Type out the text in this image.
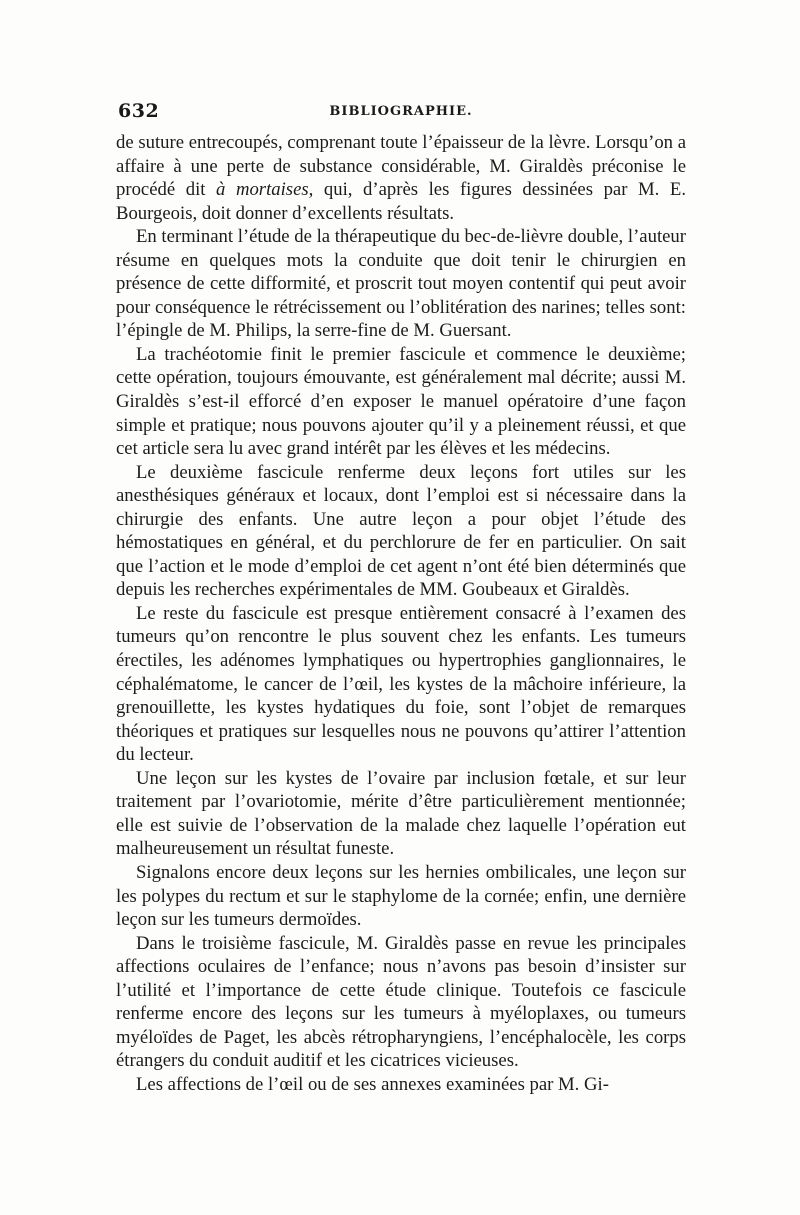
632	BIBLIOGRAPHIE.

de suture entrecoupés, comprenant toute l’épaisseur de la lèvre. Lorsqu’on a affaire à une perte de substance considérable, M. Giraldès préconise le procédé dit à mortaises, qui, d’après les figures dessinées par M. E. Bourgeois, doit donner d’excellents résultats.

En terminant l’étude de la thérapeutique du bec-de-lièvre double, l’auteur résume en quelques mots la conduite que doit tenir le chirurgien en présence de cette difformité, et proscrit tout moyen contentif qui peut avoir pour conséquence le rétrécissement ou l’oblitération des narines; telles sont: l’épingle de M. Philips, la serre-fine de M. Guersant.

La trachéotomie finit le premier fascicule et commence le deuxième; cette opération, toujours émouvante, est généralement mal décrite; aussi M. Giraldès s’est-il efforcé d’en exposer le manuel opératoire d’une façon simple et pratique; nous pouvons ajouter qu’il y a pleinement réussi, et que cet article sera lu avec grand intérêt par les élèves et les médecins.

Le deuxième fascicule renferme deux leçons fort utiles sur les anesthésiques généraux et locaux, dont l’emploi est si nécessaire dans la chirurgie des enfants. Une autre leçon a pour objet l’étude des hémostatiques en général, et du perchlorure de fer en particulier. On sait que l’action et le mode d’emploi de cet agent n’ont été bien déterminés que depuis les recherches expérimentales de MM. Goubeaux et Giraldès.

Le reste du fascicule est presque entièrement consacré à l’examen des tumeurs qu’on rencontre le plus souvent chez les enfants. Les tumeurs érectiles, les adénomes lymphatiques ou hypertrophies ganglionnaires, le céphalématome, le cancer de l’œil, les kystes de la mâchoire inférieure, la grenouillette, les kystes hydatiques du foie, sont l’objet de remarques théoriques et pratiques sur lesquelles nous ne pouvons qu’attirer l’attention du lecteur.

Une leçon sur les kystes de l’ovaire par inclusion fœtale, et sur leur traitement par l’ovariotomie, mérite d’être particulièrement mentionnée; elle est suivie de l’observation de la malade chez laquelle l’opération eut malheureusement un résultat funeste.

Signalons encore deux leçons sur les hernies ombilicales, une leçon sur les polypes du rectum et sur le staphylome de la cornée; enfin, une dernière leçon sur les tumeurs dermoïdes.

Dans le troisième fascicule, M. Giraldès passe en revue les principales affections oculaires de l’enfance; nous n’avons pas besoin d’insister sur l’utilité et l’importance de cette étude clinique. Toutefois ce fascicule renferme encore des leçons sur les tumeurs à myéloplaxes, ou tumeurs myéloïdes de Paget, les abcès rétropharyngiens, l’encéphalocèle, les corps étrangers du conduit auditif et les cicatrices vicieuses.

Les affections de l’œil ou de ses annexes examinées par M. Gi-
